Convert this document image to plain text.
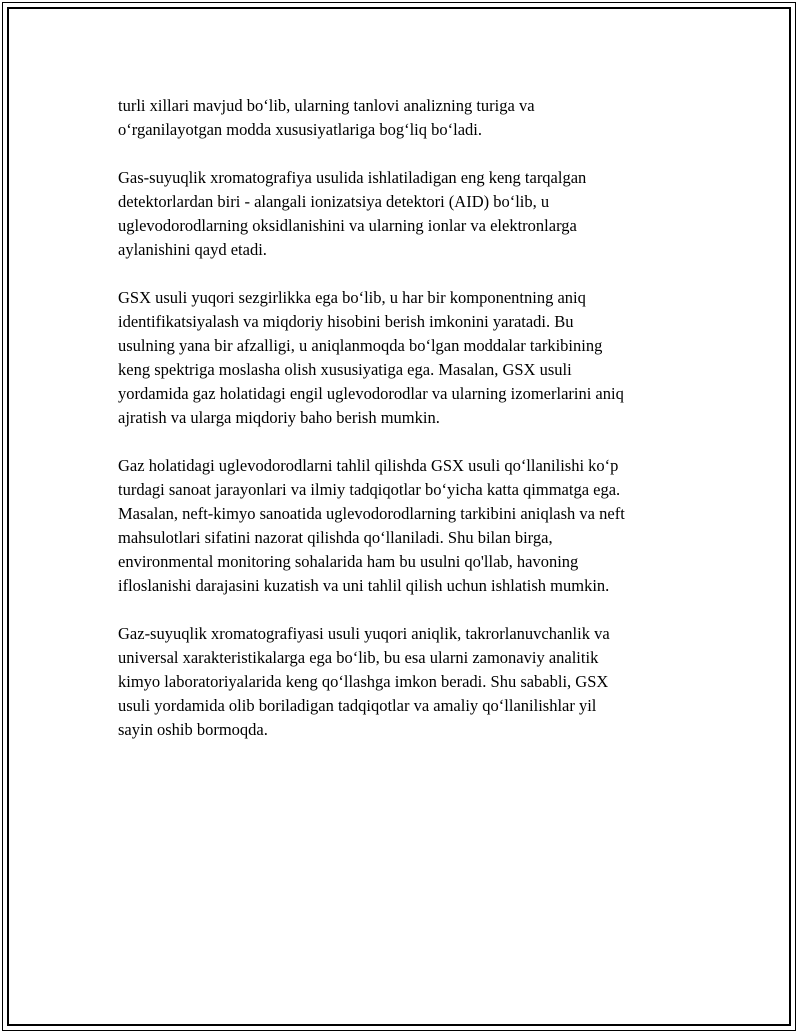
turli xillari mavjud bo‘lib, ularning tanlovi analizning turiga va
o‘rganilayotgan modda xususiyatlariga bog‘liq bo‘ladi.

Gas-suyuqlik xromatografiya usulida ishlatiladigan eng keng tarqalgan
detektorlardan biri - alangali ionizatsiya detektori (AID) bo‘lib, u
uglevodorodlarning oksidlanishini va ularning ionlar va elektronlarga
aylanishini qayd etadi.

GSX usuli yuqori sezgirlikka ega bo‘lib, u har bir komponentning aniq
identifikatsiyalash va miqdoriy hisobini berish imkonini yaratadi. Bu
usulning yana bir afzalligi, u aniqlanmoqda bo‘lgan moddalar tarkibining
keng spektriga moslasha olish xususiyatiga ega. Masalan, GSX usuli
yordamida gaz holatidagi engil uglevodorodlar va ularning izomerlarini aniq
ajratish va ularga miqdoriy baho berish mumkin.

Gaz holatidagi uglevodorodlarni tahlil qilishda GSX usuli qo‘llanilishi ko‘p
turdagi sanoat jarayonlari va ilmiy tadqiqotlar bo‘yicha katta qimmatga ega.
Masalan, neft-kimyo sanoatida uglevodorodlarning tarkibini aniqlash va neft
mahsulotlari sifatini nazorat qilishda qo‘llaniladi. Shu bilan birga,
environmental monitoring sohalarida ham bu usulni qo'llab, havoning
ifloslanishi darajasini kuzatish va uni tahlil qilish uchun ishlatish mumkin.

Gaz-suyuqlik xromatografiyasi usuli yuqori aniqlik, takrorlanuvchanlik va
universal xarakteristikalarga ega bo‘lib, bu esa ularni zamonaviy analitik
kimyo laboratoriyalarida keng qo‘llashga imkon beradi. Shu sababli, GSX
usuli yordamida olib boriladigan tadqiqotlar va amaliy qo‘llanilishlar yil
sayin oshib bormoqda.
